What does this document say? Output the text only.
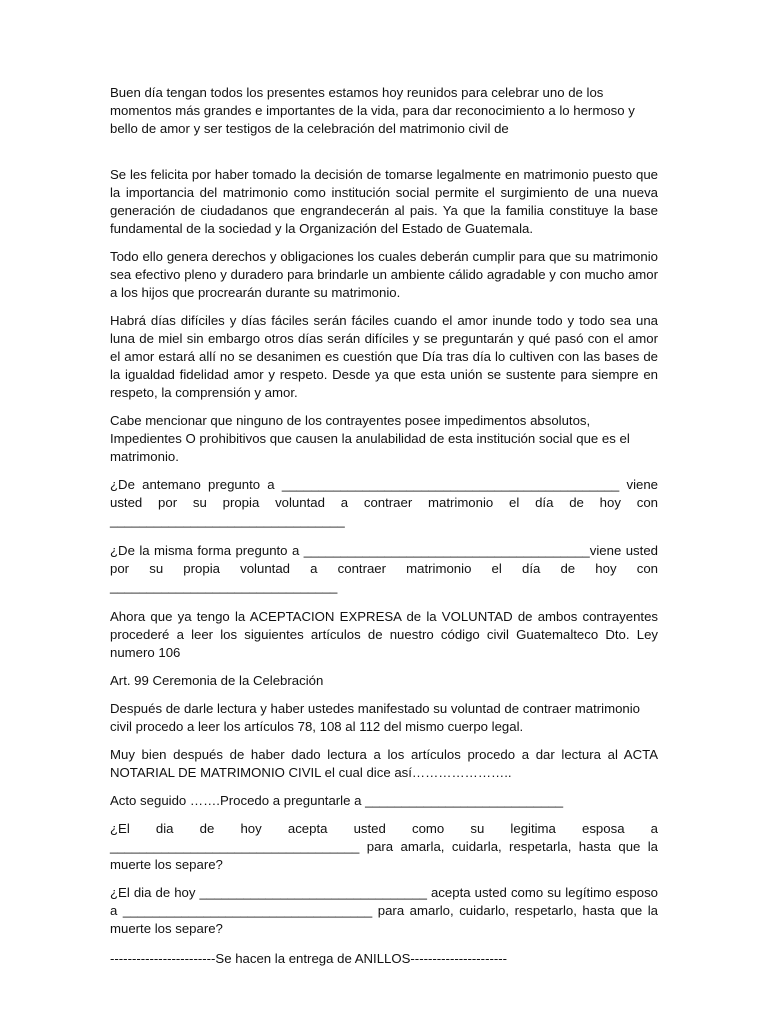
Buen día tengan todos los presentes estamos hoy reunidos para celebrar uno de los momentos más grandes e importantes de la vida, para dar reconocimiento a lo hermoso y bello de amor y ser testigos de la celebración del matrimonio civil de

Se les felicita por haber tomado la decisión de tomarse legalmente en matrimonio puesto que la importancia del matrimonio como institución social permite el surgimiento de una nueva generación de ciudadanos que engrandecerán al pais. Ya que la familia constituye la base fundamental de la sociedad y la Organización del Estado de Guatemala.

Todo ello genera derechos y obligaciones los cuales deberán cumplir para que su matrimonio sea efectivo pleno y duradero para brindarle un ambiente cálido agradable y con mucho amor a los hijos que procrearán durante su matrimonio.

Habrá días difíciles y días fáciles serán fáciles cuando el amor inunde todo y todo sea una luna de miel sin embargo otros días serán difíciles y se preguntarán y qué pasó con el amor el amor estará allí no se desanimen es cuestión que Día tras día lo cultiven con las bases de la igualdad fidelidad amor y respeto. Desde ya que esta unión se sustente para siempre en respeto, la comprensión y amor.

Cabe mencionar que ninguno de los contrayentes posee impedimentos absolutos, Impedientes O prohibitivos que causen la anulabilidad de esta institución social que es el matrimonio.

¿De antemano pregunto a ______________________________________________ viene usted por su propia voluntad a contraer matrimonio el día de hoy con ________________________________

¿De la misma forma pregunto a _______________________________________viene usted por su propia voluntad a contraer matrimonio el día de hoy con _______________________________

Ahora que ya tengo la ACEPTACION EXPRESA de la VOLUNTAD de ambos contrayentes procederé a leer los siguientes artículos de nuestro código civil Guatemalteco Dto. Ley numero 106

Art. 99 Ceremonia de la Celebración

Después de darle lectura y haber ustedes manifestado su voluntad de contraer matrimonio civil procedo a leer los artículos 78, 108 al 112 del mismo cuerpo legal.

Muy bien después de haber dado lectura a los artículos procedo a dar lectura al ACTA NOTARIAL DE MATRIMONIO CIVIL el cual dice así…………………..

Acto seguido …….Procedo a preguntarle a ___________________________

¿El dia de hoy acepta usted como su legitima esposa a __________________________________ para amarla, cuidarla, respetarla, hasta que la muerte los separe?

¿El dia de hoy _______________________________ acepta usted como su legítimo esposo a __________________________________ para amarlo, cuidarlo, respetarlo, hasta que la muerte los separe?

------------------------Se hacen la entrega de ANILLOS----------------------
